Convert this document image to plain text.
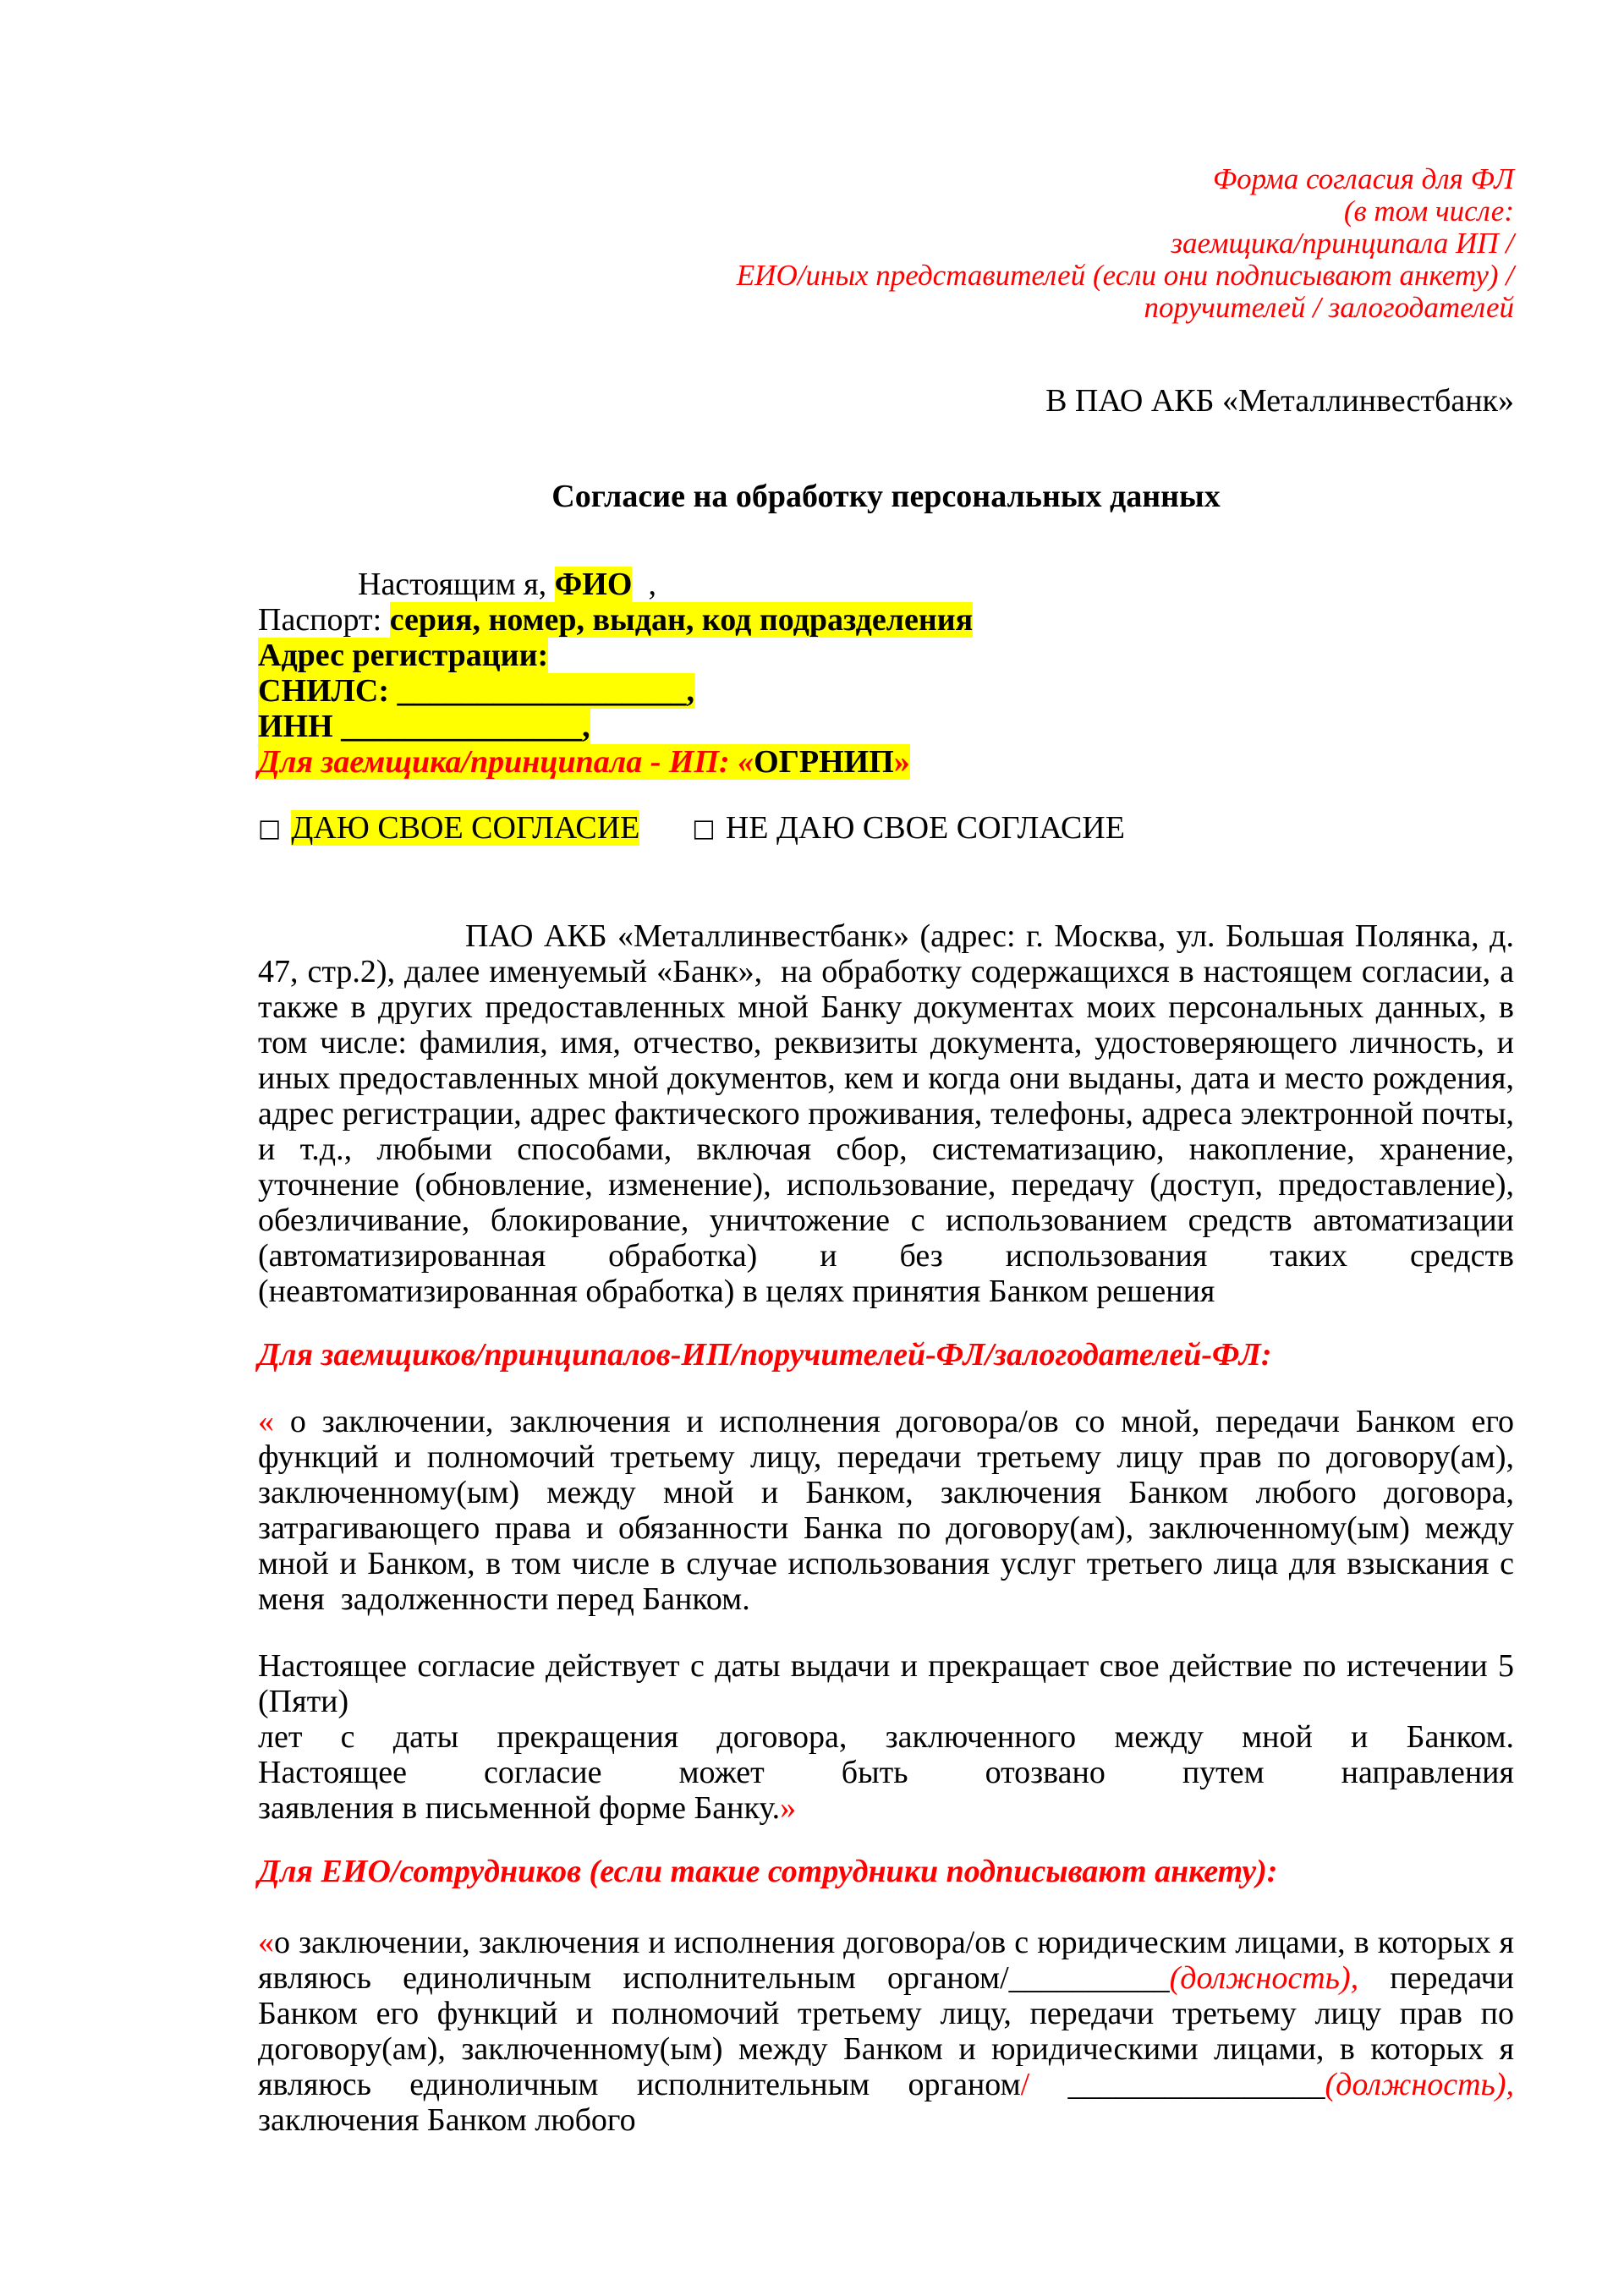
Форма согласия для ФЛ
(в том числе:
заемщика/принципала ИП /
ЕИО/иных представителей (если они подписывают анкету) /
поручителей / залогодателей
В ПАО АКБ «Металлинвестбанк»
Согласие на обработку персональных данных
Настоящим я, ФИО  ,
Паспорт: серия, номер, выдан, код подразделения
Адрес регистрации:
СНИЛС: __________________,
ИНН _______________,
Для заемщика/принципала - ИП: «ОГРНИП»
□ ДАЮ СВОЕ СОГЛАСИЕ □ НЕ ДАЮ СВОЕ СОГЛАСИЕ
ПАО АКБ «Металлинвестбанк» (адрес: г. Москва, ул. Большая Полянка, д. 47, стр.2), далее именуемый «Банк»,  на обработку содержащихся в настоящем согласии, а также в других предоставленных мной Банку документах моих персональных данных, в том числе: фамилия, имя, отчество, реквизиты документа, удостоверяющего личность, и иных предоставленных мной документов, кем и когда они выданы, дата и место рождения, адрес регистрации, адрес фактического проживания, телефоны, адреса электронной почты, и т.д., любыми способами, включая сбор, систематизацию, накопление, хранение, уточнение (обновление, изменение), использование, передачу (доступ, предоставление), обезличивание, блокирование, уничтожение с использованием средств автоматизации (автоматизированная обработка) и без использования таких средств (неавтоматизированная обработка) в целях принятия Банком решения
Для заемщиков/принципалов-ИП/поручителей-ФЛ/залогодателей-ФЛ:
« о заключении, заключения и исполнения договора/ов со мной, передачи Банком его функций и полномочий третьему лицу, передачи третьему лицу прав по договору(ам), заключенному(ым) между мной и Банком, заключения Банком любого договора, затрагивающего права и обязанности Банка по договору(ам), заключенному(ым) между мной и Банком, в том числе в случае использования услуг третьего лица для взыскания с меня  задолженности перед Банком.
Настоящее согласие действует с даты выдачи и прекращает свое действие по истечении 5 (Пяти)
лет с даты прекращения договора, заключенного между мной и Банком.
Настоящее согласие может быть отозвано путем направления
заявления в письменной форме Банку.»
Для ЕИО/сотрудников (если такие сотрудники подписывают анкету):
«о заключении, заключения и исполнения договора/ов с юридическим лицами, в которых я являюсь единоличным исполнительным органом/__________(должность), передачи Банком его функций и полномочий третьему лицу, передачи третьему лицу прав по договору(ам), заключенному(ым) между Банком и юридическими лицами, в которых я являюсь единоличным исполнительным органом/ ________________(должность), заключения Банком любого
